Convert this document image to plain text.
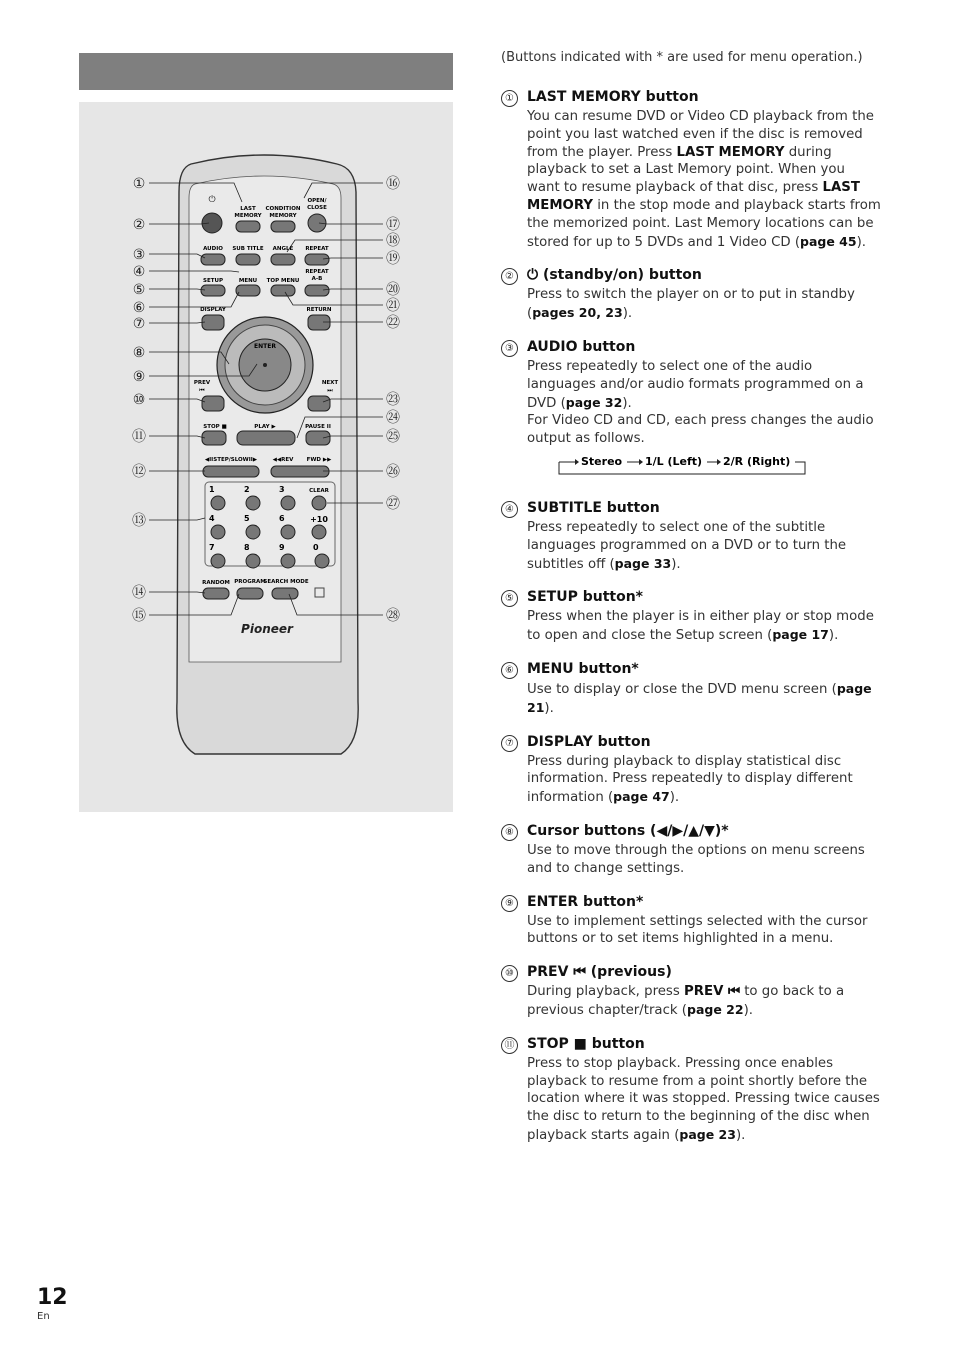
⏻
LAST
MEMORY
CONDITION
MEMORY
OPEN/
CLOSE
AUDIO SUB TITLE ANGLE REPEAT
REPEAT
A-B
SETUP	MENU TOP MENU
DISPLAY	RETURN
ENTER
PREV
⏮
NEXT
⏭
STOP ■	PLAY ▶	PAUSE II
◀IISTEP/SLOWII▶	◀◀REV FWD ▶▶
1	2	3
4	5	6
7	8	9	0
CLEAR
+10
RANDOM PROGRAM
SEARCH MODE
Pioneer
①
②
③
④
⑤
⑥
⑦
⑧
⑨
⑩
⑪
⑫
⑬
⑭
⑮
⑯
⑰
⑱
⑲
⑳
㉑
㉒
㉓
㉔
㉕
㉖
㉗
㉘

(Buttons indicated with * are used for menu operation.)

① LAST MEMORY button

You can resume DVD or Video CD playback from the point you last watched even if the disc is removed from the player. Press LAST MEMORY during playback to set a Last Memory point. When you want to resume playback of that disc, press LAST MEMORY in the stop mode and playback starts from the memorized point. Last Memory locations can be stored for up to 5 DVDs and 1 Video CD (page 45).

② ⏻ (standby/on) button

Press to switch the player on or to put in standby (pages 20, 23).

③ AUDIO button

Press repeatedly to select one of the audio languages and/or audio formats programmed on a DVD (page 32).

For Video CD and CD, each press changes the audio output as follows.

Stereo 1/L (Left) 2/R (Right)
④ SUBTITLE button

Press repeatedly to select one of the subtitle languages programmed on a DVD or to turn the subtitles off (page 33).

⑤ SETUP button*

Press when the player is in either play or stop mode to open and close the Setup screen (page 17).

⑥ MENU button*

Use to display or close the DVD menu screen (page 21).

⑦ DISPLAY button

Press during playback to display statistical disc information. Press repeatedly to display different information (page 47).

⑧ Cursor buttons (◀/▶/▲/▼)*

Use to move through the options on menu screens and to change settings.

⑨ ENTER button*

Use to implement settings selected with the cursor buttons or to set items highlighted in a menu.

⑩ PREV ⏮ (previous)

During playback, press PREV ⏮ to go back to a previous chapter/track (page 22).

⑪ STOP ■ button

Press to stop playback. Pressing once enables playback to resume from a point shortly before the location where it was stopped. Pressing twice causes the disc to return to the beginning of the disc when playback starts again (page 23).

12
En
